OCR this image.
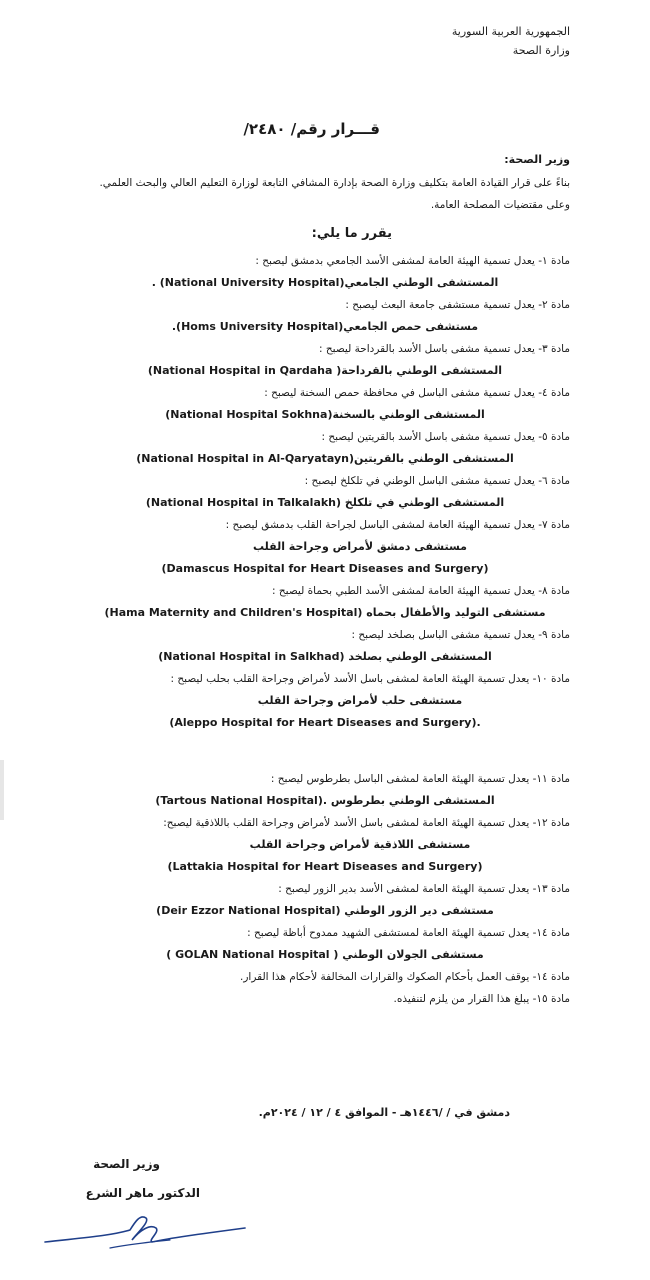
الجمهورية العربية السورية
وزارة الصحة
قـــرار رقم/ ٢٤٨٠/
وزير الصحة:
بناءً على قرار القيادة العامة بتكليف وزارة الصحة بإدارة المشافي التابعة لوزارة التعليم العالي والبحث العلمي.
وعلى مقتضيات المصلحة العامة.
يقرر ما يلي:
مادة ١- يعدل تسمية الهيئة العامة لمشفى الأسد الجامعي بدمشق ليصبح :
المستشفى الوطني الجامعي(National University Hospital) .
مادة ٢- يعدل تسمية مستشفى جامعة البعث ليصبح :
مستشفى حمص الجامعي(Homs University Hospital).
مادة ٣- يعدل تسمية مشفى باسل الأسد بالقرداحة ليصبح :
المستشفى الوطني بالقرداحة( National Hospital in Qardaha)
مادة ٤- يعدل تسمية مشفى الباسل في محافظة حمص السخنة ليصبح :
المستشفى الوطني بالسخنة(National Hospital Sokhna)
مادة ٥- يعدل تسمية مشفى باسل الأسد بالقريتين ليصبح :
المستشفى الوطني بالقريتين(National Hospital in Al-Qaryatayn)
مادة ٦- يعدل تسمية مشفى الباسل الوطني في تلكلخ ليصبح :
المستشفى الوطني في تلكلخ (National Hospital in Talkalakh)
مادة ٧- يعدل تسمية الهيئة العامة لمشفى الباسل لجراحة القلب بدمشق ليصبح :
مستشفى دمشق لأمراض وجراحة القلب
(Damascus Hospital for Heart Diseases and Surgery)
مادة ٨- يعدل تسمية الهيئة العامة لمشفى الأسد الطبي بحماة ليصبح :
مستشفى التوليد والأطفال بحماه (Hama Maternity and Children's Hospital)
مادة ٩- يعدل تسمية مشفى الباسل بصلخد ليصبح :
المستشفى الوطني بصلخد (National Hospital in Salkhad)
مادة ١٠- يعدل تسمية الهيئة العامة لمشفى باسل الأسد لأمراض وجراحة القلب بحلب ليصبح :
مستشفى حلب لأمراض وجراحة القلب
(Aleppo Hospital for Heart Diseases and Surgery).
مادة ١١- يعدل تسمية الهيئة العامة لمشفى الباسل بطرطوس ليصبح :
المستشفى الوطني بطرطوس .(Tartous National Hospital)
مادة ١٢- يعدل تسمية الهيئة العامة لمشفى باسل الأسد لأمراض وجراحة القلب باللاذقية ليصبح:
مستشفى اللاذقية لأمراض وجراحة القلب
(Lattakia Hospital for Heart Diseases and Surgery)
مادة ١٣- يعدل تسمية الهيئة العامة لمشفى الأسد بدير الزور ليصبح :
مستشفى دير الزور الوطني (Deir Ezzor National Hospital)
مادة ١٤- يعدل تسمية الهيئة العامة لمستشفى الشهيد ممدوح أباظة ليصبح :
مستشفى الجولان الوطني ( GOLAN National Hospital )
مادة ١٤- يوقف العمل بأحكام الصكوك والقرارات المخالفة لأحكام هذا القرار.
مادة ١٥- يبلغ هذا القرار من يلزم لتنفيذه.
دمشق في / /١٤٤٦هـ - الموافق ٤ / ١٢ / ٢٠٢٤م.
وزير الصحة
الدكتور ماهر الشرع
